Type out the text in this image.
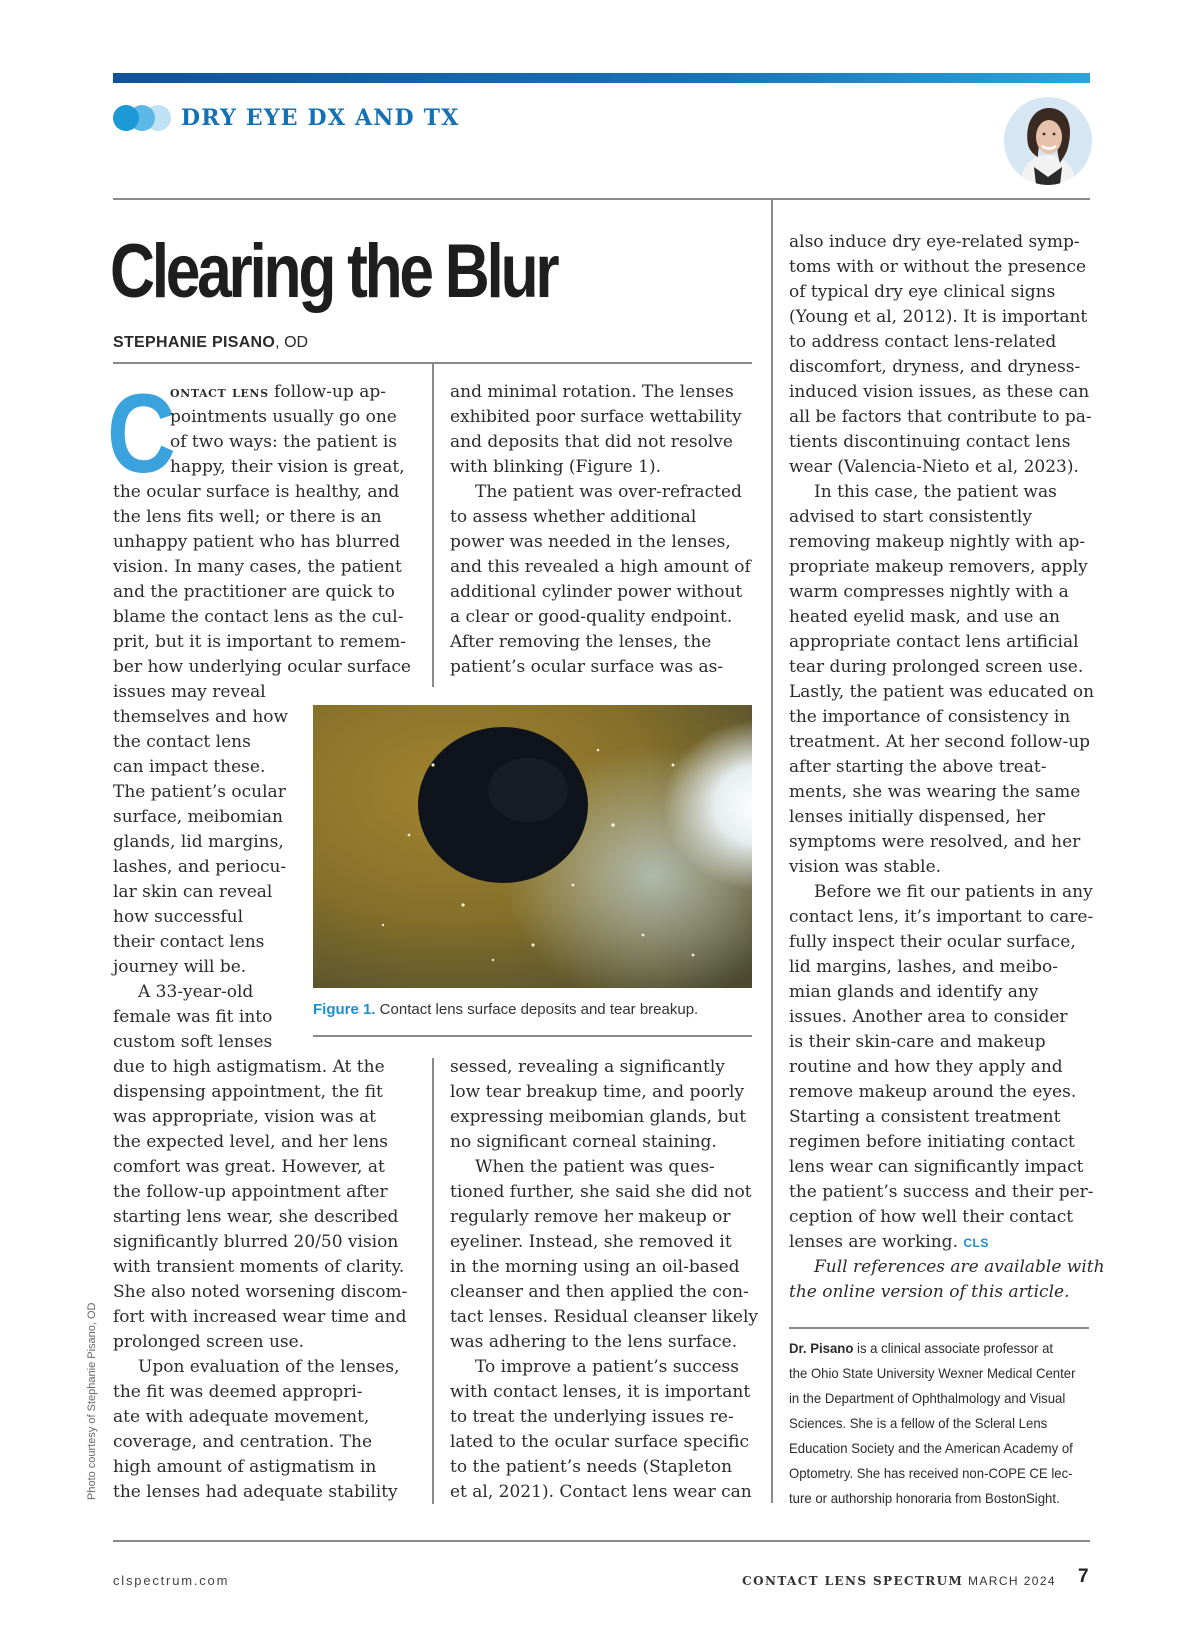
DRY EYE DX AND TX
Clearing the Blur
STEPHANIE PISANO, OD
C
ontact lens follow-up ap-
pointments usually go one
of two ways: the patient is
happy, their vision is great,
the ocular surface is healthy, and
the lens fits well; or there is an
unhappy patient who has blurred
vision. In many cases, the patient
and the practitioner are quick to
blame the contact lens as the cul-
prit, but it is important to remem-
ber how underlying ocular surface
issues may reveal
themselves and how
the contact lens
can impact these.
The patient’s ocular
surface, meibomian
glands, lid margins,
lashes, and periocu-
lar skin can reveal
how successful
their contact lens
journey will be.
A 33-year-old
female was fit into
custom soft lenses
due to high astigmatism. At the
dispensing appointment, the fit
was appropriate, vision was at
the expected level, and her lens
comfort was great. However, at
the follow-up appointment after
starting lens wear, she described
significantly blurred 20/50 vision
with transient moments of clarity.
She also noted worsening discom-
fort with increased wear time and
prolonged screen use.
Upon evaluation of the lenses,
the fit was deemed appropri-
ate with adequate movement,
coverage, and centration. The
high amount of astigmatism in
the lenses had adequate stability
and minimal rotation. The lenses
exhibited poor surface wettability
and deposits that did not resolve
with blinking (Figure 1).
The patient was over-refracted
to assess whether additional
power was needed in the lenses,
and this revealed a high amount of
additional cylinder power without
a clear or good-quality endpoint.
After removing the lenses, the
patient’s ocular surface was as-
Figure 1. Contact lens surface deposits and tear breakup.
sessed, revealing a significantly
low tear breakup time, and poorly
expressing meibomian glands, but
no significant corneal staining.
When the patient was ques-
tioned further, she said she did not
regularly remove her makeup or
eyeliner. Instead, she removed it
in the morning using an oil-based
cleanser and then applied the con-
tact lenses. Residual cleanser likely
was adhering to the lens surface.
To improve a patient’s success
with contact lenses, it is important
to treat the underlying issues re-
lated to the ocular surface specific
to the patient’s needs (Stapleton
et al, 2021). Contact lens wear can
also induce dry eye-related symp-
toms with or without the presence
of typical dry eye clinical signs
(Young et al, 2012). It is important
to address contact lens-related
discomfort, dryness, and dryness-
induced vision issues, as these can
all be factors that contribute to pa-
tients discontinuing contact lens
wear (Valencia-Nieto et al, 2023).
In this case, the patient was
advised to start consistently
removing makeup nightly with ap-
propriate makeup removers, apply
warm compresses nightly with a
heated eyelid mask, and use an
appropriate contact lens artificial
tear during prolonged screen use.
Lastly, the patient was educated on
the importance of consistency in
treatment. At her second follow-up
after starting the above treat-
ments, she was wearing the same
lenses initially dispensed, her
symptoms were resolved, and her
vision was stable.
Before we fit our patients in any
contact lens, it’s important to care-
fully inspect their ocular surface,
lid margins, lashes, and meibo-
mian glands and identify any
issues. Another area to consider
is their skin-care and makeup
routine and how they apply and
remove makeup around the eyes.
Starting a consistent treatment
regimen before initiating contact
lens wear can significantly impact
the patient’s success and their per-
ception of how well their contact
lenses are working. CLS
Full references are available with
the online version of this article.
Dr. Pisano is a clinical associate professor at
the Ohio State University Wexner Medical Center
in the Department of Ophthalmology and Visual
Sciences. She is a fellow of the Scleral Lens
Education Society and the American Academy of
Optometry. She has received non-COPE CE lec-
ture or authorship honoraria from BostonSight.
Photo courtesy of Stephanie Pisano, OD
clspectrum.com	CONTACT LENS SPECTRUM MARCH 2024 7
